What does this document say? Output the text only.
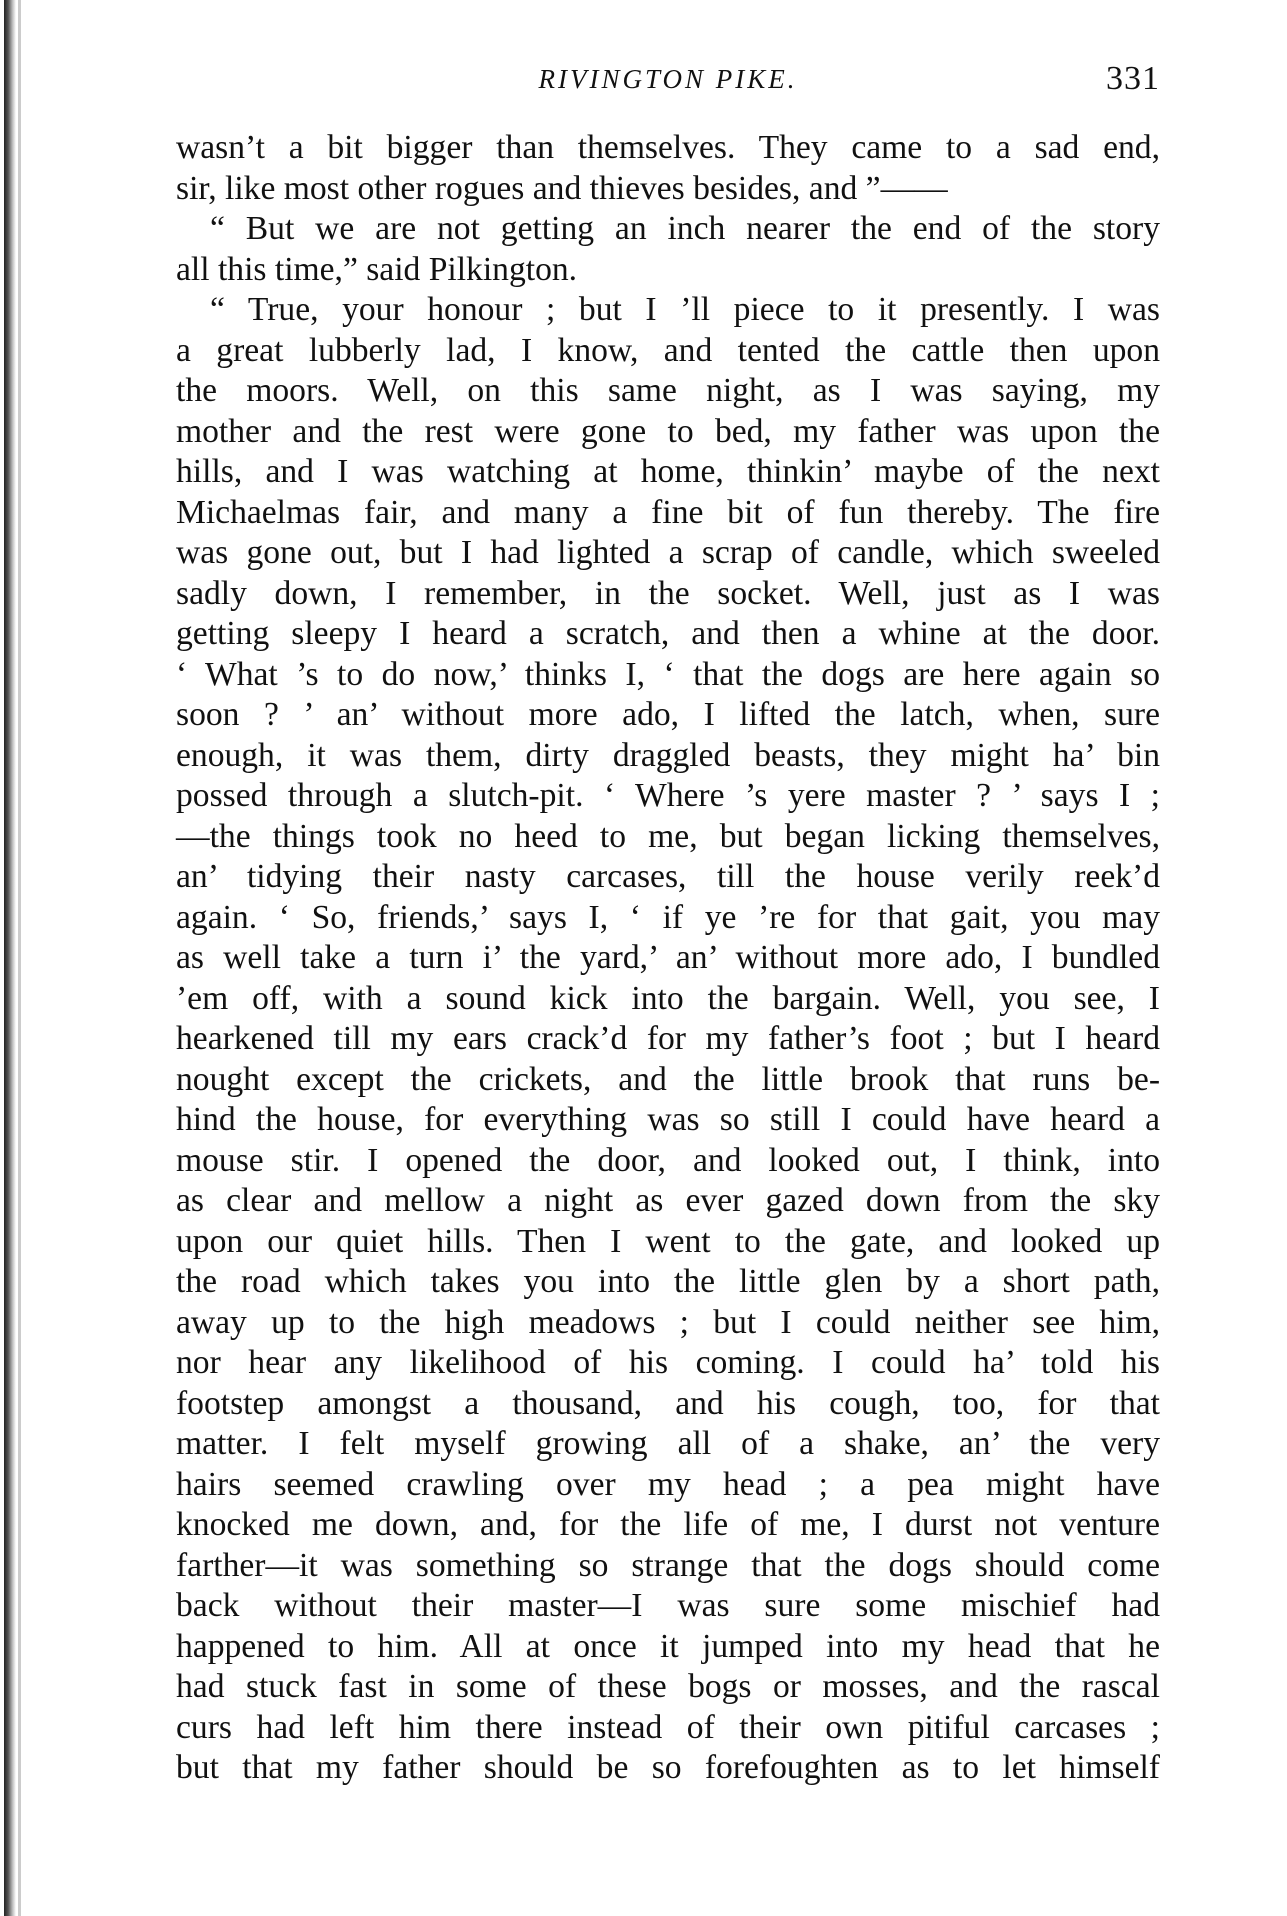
RIVINGTON PIKE.	331
wasn’t a bit bigger than themselves. They came to a sad end,
sir, like most other rogues and thieves besides, and ”——
“ But we are not getting an inch nearer the end of the story
all this time,” said Pilkington.
“ True, your honour ; but I ’ll piece to it presently. I was
a great lubberly lad, I know, and tented the cattle then upon
the moors. Well, on this same night, as I was saying, my
mother and the rest were gone to bed, my father was upon the
hills, and I was watching at home, thinkin’ maybe of the next
Michaelmas fair, and many a fine bit of fun thereby. The fire
was gone out, but I had lighted a scrap of candle, which sweeled
sadly down, I remember, in the socket. Well, just as I was
getting sleepy I heard a scratch, and then a whine at the door.
‘ What ’s to do now,’ thinks I, ‘ that the dogs are here again so
soon ? ’ an’ without more ado, I lifted the latch, when, sure
enough, it was them, dirty draggled beasts, they might ha’ bin
possed through a slutch-pit. ‘ Where ’s yere master ? ’ says I ;
—the things took no heed to me, but began licking themselves,
an’ tidying their nasty carcases, till the house verily reek’d
again. ‘ So, friends,’ says I, ‘ if ye ’re for that gait, you may
as well take a turn i’ the yard,’ an’ without more ado, I bundled
’em off, with a sound kick into the bargain. Well, you see, I
hearkened till my ears crack’d for my father’s foot ; but I heard
nought except the crickets, and the little brook that runs be-
hind the house, for everything was so still I could have heard a
mouse stir. I opened the door, and looked out, I think, into
as clear and mellow a night as ever gazed down from the sky
upon our quiet hills. Then I went to the gate, and looked up
the road which takes you into the little glen by a short path,
away up to the high meadows ; but I could neither see him,
nor hear any likelihood of his coming. I could ha’ told his
footstep amongst a thousand, and his cough, too, for that
matter. I felt myself growing all of a shake, an’ the very
hairs seemed crawling over my head ; a pea might have
knocked me down, and, for the life of me, I durst not venture
farther—it was something so strange that the dogs should come
back without their master—I was sure some mischief had
happened to him. All at once it jumped into my head that he
had stuck fast in some of these bogs or mosses, and the rascal
curs had left him there instead of their own pitiful carcases ;
but that my father should be so forefoughten as to let himself
